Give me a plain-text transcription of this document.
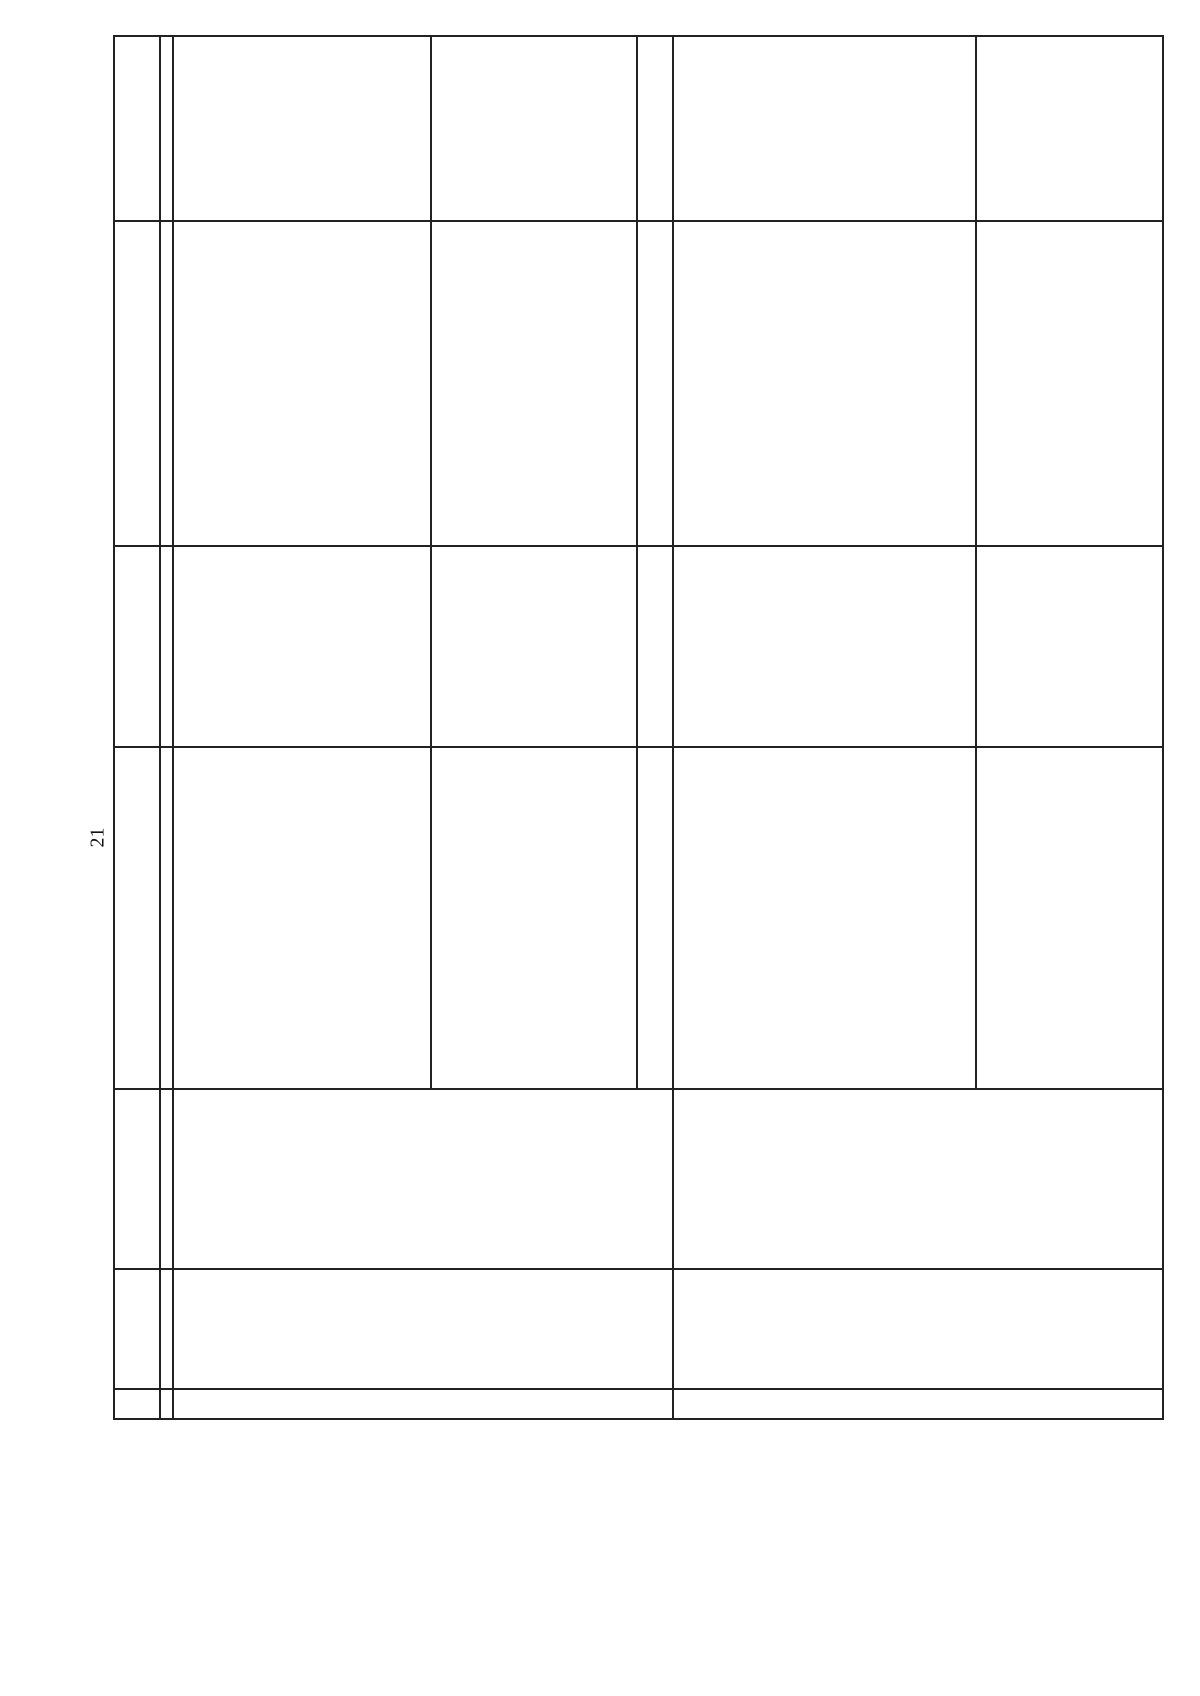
21
